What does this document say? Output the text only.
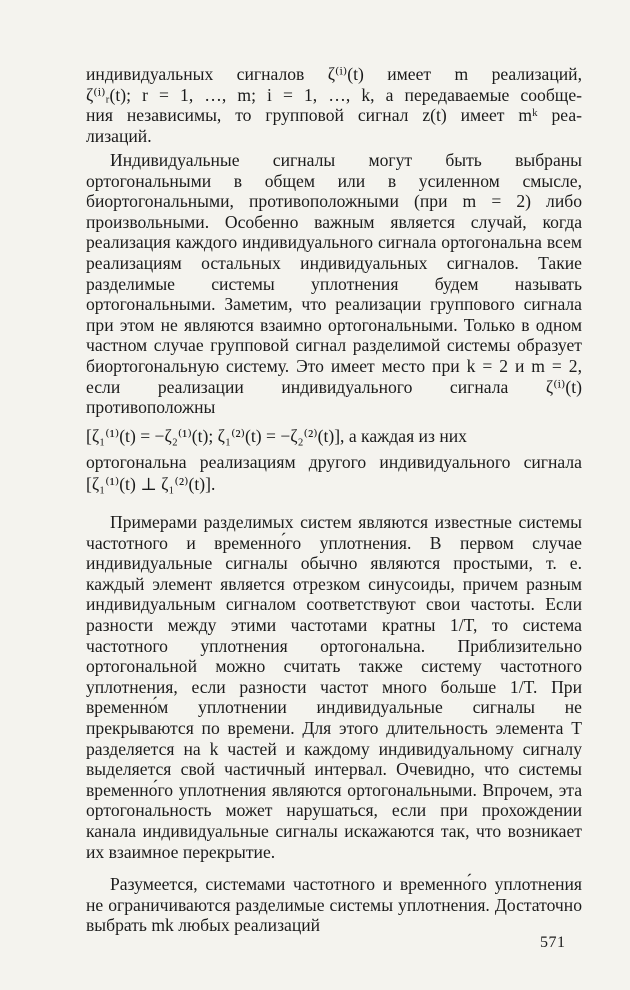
индивидуальных сигналов ζ⁽ⁱ⁾(t) имеет m реализаций,
ζ⁽ⁱ⁾ᵣ(t); r = 1, …, m; i = 1, …, k, а передаваемые сообще-
ния независимы, то групповой сигнал z(t) имеет mᵏ реа-
лизаций.

Индивидуальные сигналы могут быть выбраны ортогональными в общем или в усиленном смысле, биортогональными, противоположными (при m = 2) либо произвольными. Особенно важным является случай, когда реализация каждого индивидуального сигнала ортогональна всем реализациям остальных индивидуальных сигналов. Такие разделимые системы уплотнения будем называть ортогональными. Заметим, что реализации группового сигнала при этом не являются взаимно ортогональными. Только в одном частном случае групповой сигнал разделимой системы образует биортогональную систему. Это имеет место при k = 2 и m = 2, если реализации индивидуального сигнала ζ⁽ⁱ⁾(t) противоположны

[ζ₁⁽¹⁾(t) = −ζ₂⁽¹⁾(t); ζ₁⁽²⁾(t) = −ζ₂⁽²⁾(t)], а каждая из них
ортогональна реализациям другого индивидуального сигнала
[ζ₁⁽¹⁾(t) ⊥ ζ₁⁽²⁾(t)].

Примерами разделимых систем являются известные системы частотного и временно́го уплотнения. В первом случае индивидуальные сигналы обычно являются простыми, т. е. каждый элемент является отрезком синусоиды, причем разным индивидуальным сигналом соответствуют свои частоты. Если разности между этими частотами кратны 1/T, то система частотного уплотнения ортогональна. Приблизительно ортогональной можно считать также систему частотного уплотнения, если разности частот много больше 1/T. При временно́м уплотнении индивидуальные сигналы не прекрываются по времени. Для этого длительность элемента T разделяется на k частей и каждому индивидуальному сигналу выделяется свой частичный интервал. Очевидно, что системы временно́го уплотнения являются ортогональными. Впрочем, эта ортогональность может нарушаться, если при прохождении канала индивидуальные сигналы искажаются так, что возникает их взаимное перекрытие.

Разумеется, системами частотного и временно́го уплотнения не ограничиваются разделимые системы уплотнения. Достаточно выбрать mk любых реализаций

571
